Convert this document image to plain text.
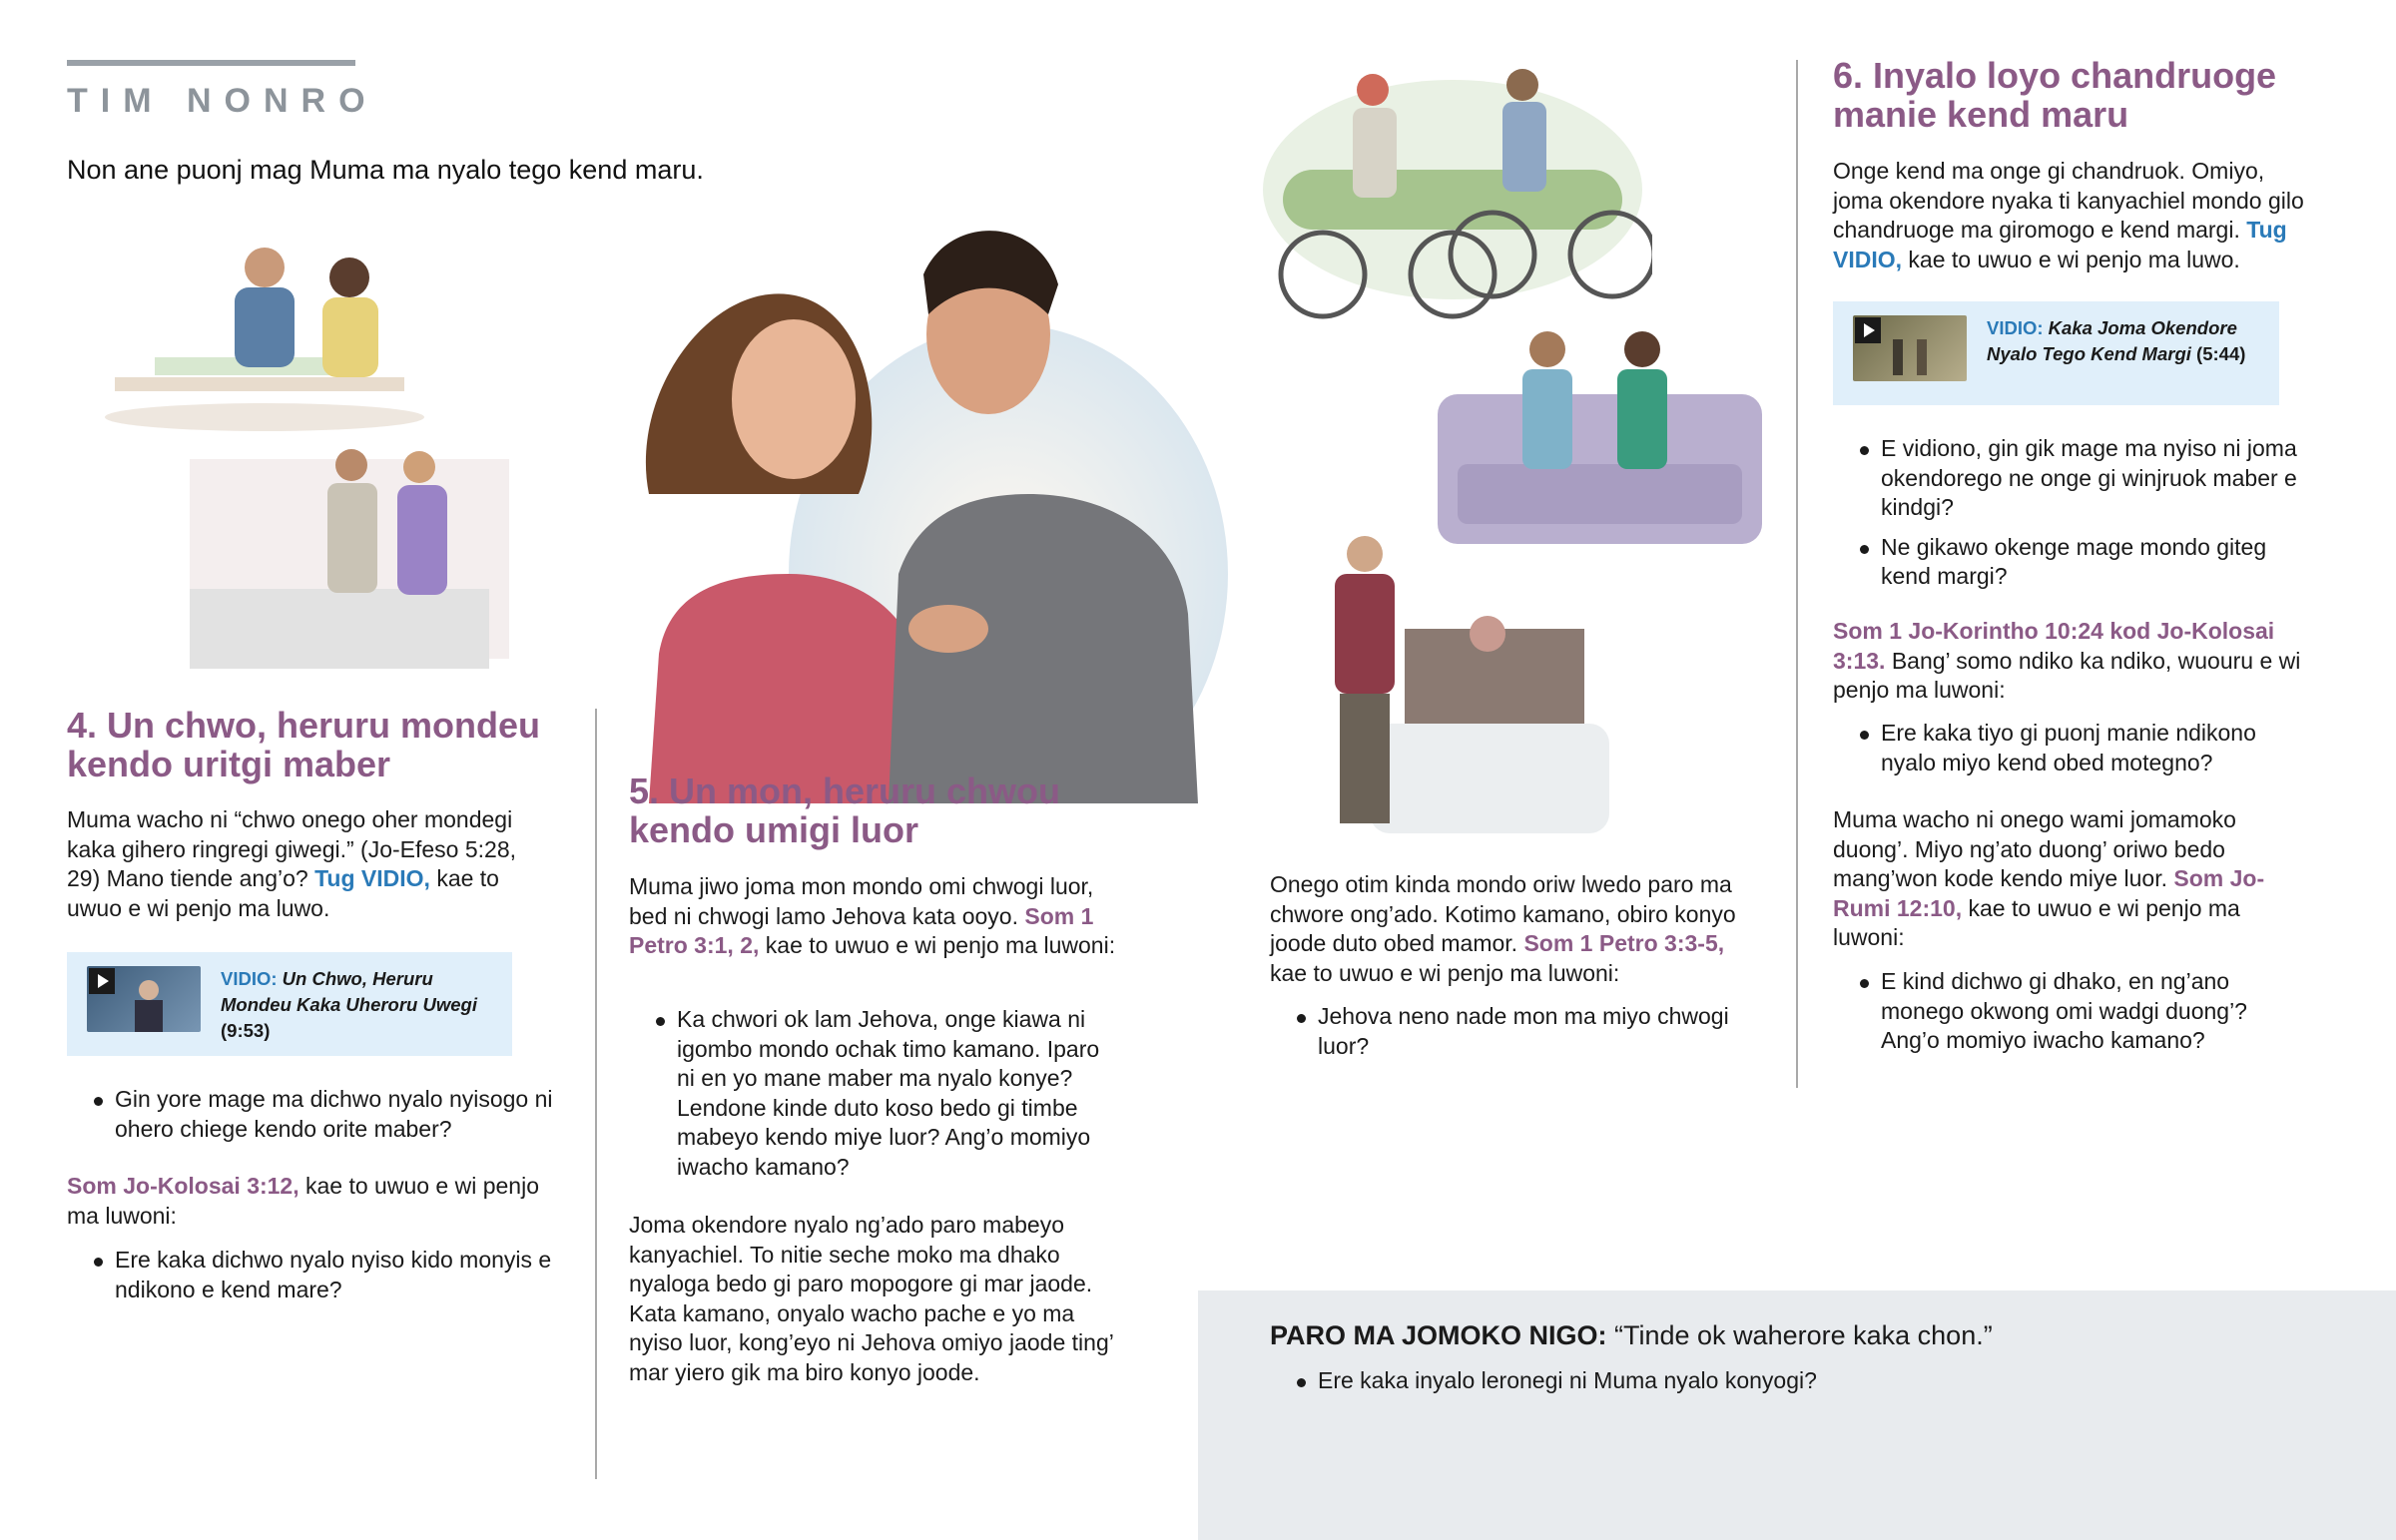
TIM NONRO
Non ane puonj mag Muma ma nyalo tego kend maru.
4. Un chwo, heruru mondeu kendo uritgi maber
Muma wacho ni “chwo onego oher mondegi kaka gihero ringregi giwegi.” (Jo-Efeso 5:28, 29) Mano tiende ang’o? Tug VIDIO, kae to uwuo e wi penjo ma luwo.
VIDIO: Un Chwo, Heruru Mondeu Kaka Uheroru Uwegi (9:53)
Gin yore mage ma dichwo nyalo nyisogo ni ohero chiege kendo orite maber?
Som Jo-Kolosai 3:12, kae to uwuo e wi penjo ma luwoni:
Ere kaka dichwo nyalo nyiso kido monyis e ndikono e kend mare?
5. Un mon, heruru chwou kendo umigi luor
Muma jiwo joma mon mondo omi chwogi luor, bed ni chwogi lamo Jehova kata ooyo. Som 1 Petro 3:1, 2, kae to uwuo e wi penjo ma luwoni:
Ka chwori ok lam Jehova, onge kiawa ni igombo mondo ochak timo kamano. Iparo ni en yo mane maber ma nyalo konye? Lendone kinde duto koso bedo gi timbe mabeyo kendo miye luor? Ang’o momiyo iwacho kamano?
Joma okendore nyalo ng’ado paro mabeyo kanyachiel. To nitie seche moko ma dhako nyaloga bedo gi paro mopogore gi mar jaode. Kata kamano, onyalo wacho pache e yo ma nyiso luor, kong’eyo ni Jehova omiyo jaode ting’ mar yiero gik ma biro konyo joode.
Onego otim kinda mondo oriw lwedo paro ma chwore ong’ado. Kotimo kamano, obiro konyo joode duto obed mamor. Som 1 Petro 3:3-5, kae to uwuo e wi penjo ma luwoni:
Jehova neno nade mon ma miyo chwogi luor?
6. Inyalo loyo chandruoge manie kend maru
Onge kend ma onge gi chandruok. Omiyo, joma okendore nyaka ti kanyachiel mondo gilo chandruoge ma giromogo e kend margi. Tug VIDIO, kae to uwuo e wi penjo ma luwo.
VIDIO: Kaka Joma Okendore Nyalo Tego Kend Margi (5:44)
E vidiono, gin gik mage ma nyiso ni joma okendorego ne onge gi winjruok maber e kindgi?
Ne gikawo okenge mage mondo giteg kend margi?
Som 1 Jo-Korintho 10:24 kod Jo-Kolosai 3:13. Bang’ somo ndiko ka ndiko, wuouru e wi penjo ma luwoni:
Ere kaka tiyo gi puonj manie ndikono nyalo miyo kend obed motegno?
Muma wacho ni onego wami jomamoko duong’. Miyo ng’ato duong’ oriwo bedo mang’won kode kendo miye luor. Som Jo-Rumi 12:10, kae to uwuo e wi penjo ma luwoni:
E kind dichwo gi dhako, en ng’ano monego okwong omi wadgi duong’? Ang’o momiyo iwacho kamano?
PARO MA JOMOKO NIGO: “Tinde ok waherore kaka chon.”
Ere kaka inyalo leronegi ni Muma nyalo konyogi?
